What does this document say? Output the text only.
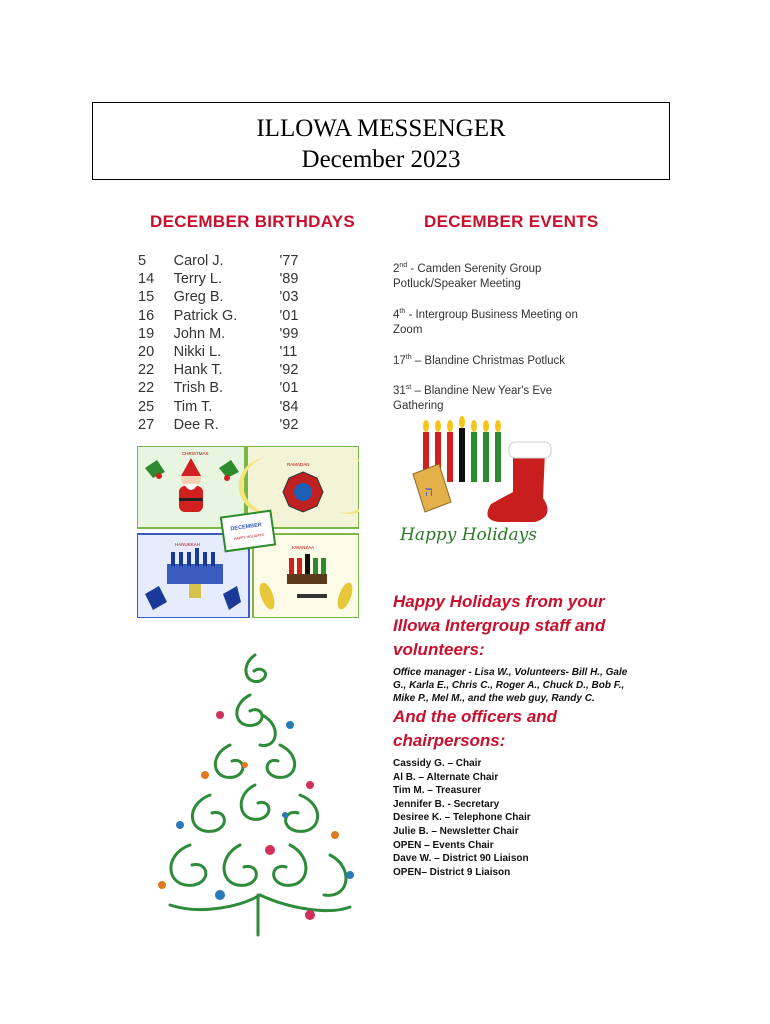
ILLOWA MESSENGER
December 2023
DECEMBER BIRTHDAYS	DECEMBER EVENTS
5	Carol J.	'77
14	Terry L.	'89
15	Greg B.	'03
16	Patrick G.	'01
19	John M.	'99
20	Nikki L.	'11
22	Hank T.	'92
22	Trish B.	'01
25	Tim T.	'84
27	Dee R.	'92
2nd - Camden Serenity Group Potluck/Speaker Meeting
4th - Intergroup Business Meeting on Zoom
17th – Blandine Christmas Potluck
31st – Blandine New Year's Eve Gathering
CHRISTMAS
RAMADAN
HANUKKAH
KWANZAA
DECEMBER
HAPPY HOLIDAYS
ה
Happy Holidays
Happy Holidays from your Illowa Intergroup staff and volunteers:
Office manager - Lisa W., Volunteers- Bill H., Gale G., Karla E., Chris C., Roger A., Chuck D., Bob F., Mike P., Mel M., and the web guy, Randy C.
And the officers and chairpersons:
Cassidy G. – Chair
Al B. – Alternate Chair
Tim M. – Treasurer
Jennifer B. - Secretary
Desiree K. – Telephone Chair
Julie B. – Newsletter Chair
OPEN – Events Chair
Dave W. – District 90 Liaison
OPEN– District 9 Liaison
